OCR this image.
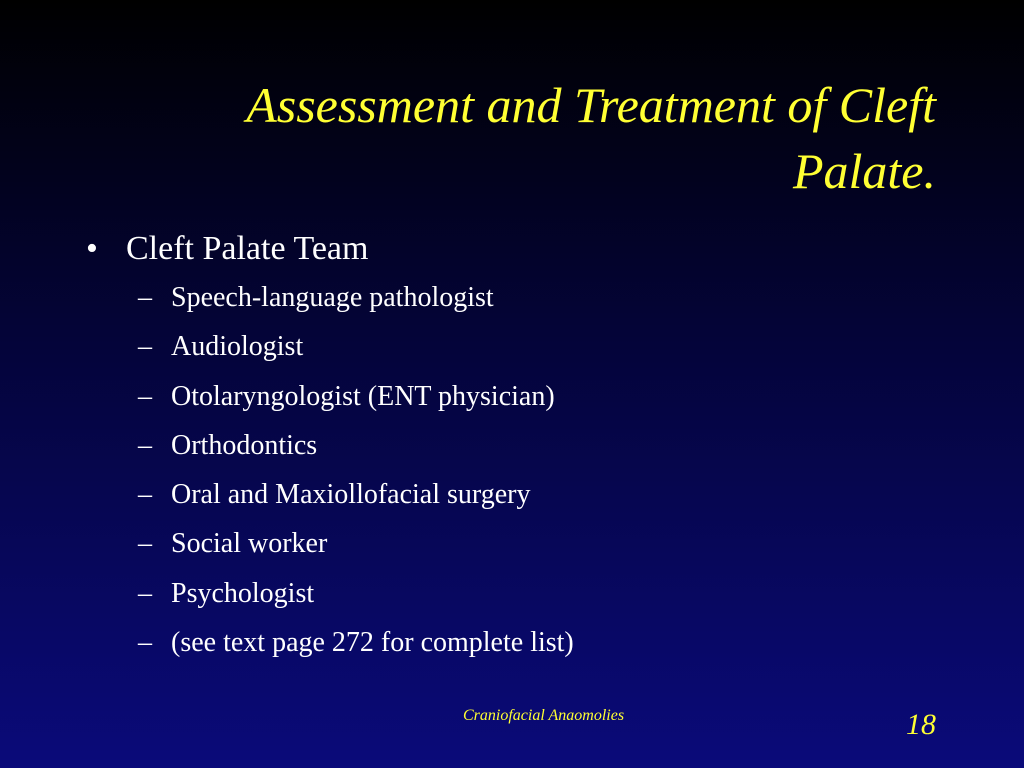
Assessment and Treatment of Cleft
Palate.
• Cleft Palate Team
– Speech-language pathologist
– Audiologist
– Otolaryngologist (ENT physician)
– Orthodontics
– Oral and Maxiollofacial surgery
– Social worker
– Psychologist
– (see text page 272 for complete list)
Craniofacial Anaomolies	18
